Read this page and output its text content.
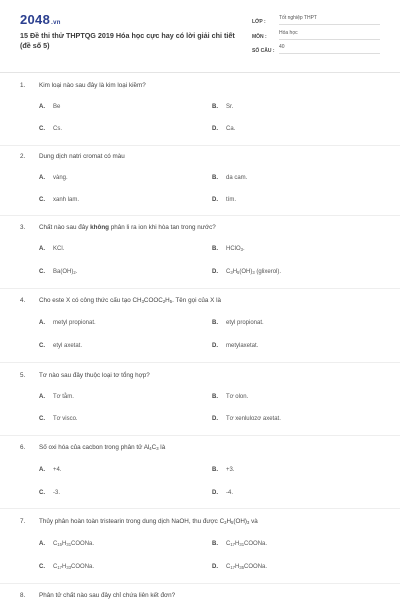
2048.vn
15 Đề thi thử THPTQG 2019 Hóa học cực hay có lời giải chi tiết (đề số 5)
LỚP :
Tốt nghiệp THPT
MÔN :
Hóa học
SỐ CÂU :
40
1. Kim loại nào sau đây là kim loại kiềm?
A. Be	B. Sr.
C. Cs.	D. Ca.
2. Dung dịch natri cromat có màu
A. vàng.	B. da cam.
C. xanh lam.	D. tím.
3. Chất nào sau đây không phân li ra ion khi hòa tan trong nước?
A. KCl.	B. HClO$_3$.
C. $Ba(OH)_2$.	D. $C_3H_5(OH)_3$ (glixerol).
4. Cho este X có công thức cấu tạo $CH_3COOC_2H_5$. Tên gọi của X là
A. metyl propionat.	B. etyl propionat.
C. etyl axetat.	D. metylaxetat.
5. Tơ nào sau đây thuộc loại tơ tổng hợp?
A. Tơ tằm.	B. Tơ olon.
C. Tơ visco.	D. Tơ xenlulozơ axetat.
6. Số oxi hóa của cacbon trong phân tử $Al_4C_3$ là
A. +4.	B. +3.
C. -3.	D. -4.
7. Thủy phân hoàn toàn tristearin trong dung dịch NaOH, thu được $C_3H_5(OH)_3$ và
A. $C_{15}H_{31}COONa$.	B. $C_{17}H_{31}COONa$.
C. $C_{17}H_{33}COONa$.	D. $C_{17}H_{35}COONa$.
8. Phân tử chất nào sau đây chỉ chứa liên kết đơn?
